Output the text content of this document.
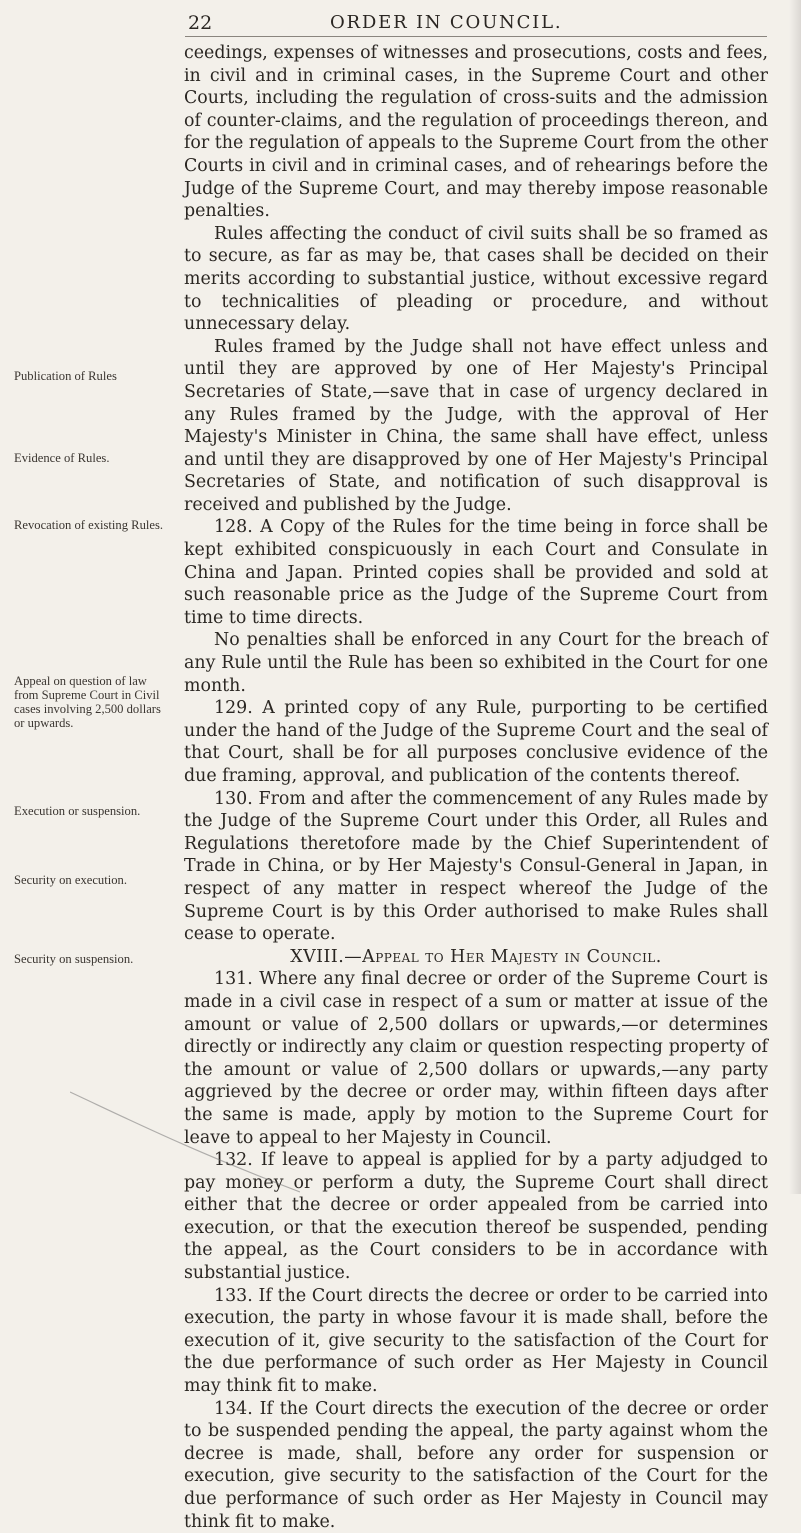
22	ORDER IN COUNCIL.
Publication of Rules
Evidence of Rules.
Revocation of existing Rules.
Appeal on question of law from Supreme Court in Civil cases involving 2,500 dollars or upwards.
Execution or suspension.
Security on execution.
Security on suspension.

ceedings, expenses of witnesses and prosecutions, costs and fees, in civil and in criminal cases, in the Supreme Court and other Courts, including the regulation of cross-suits and the admission of counter-claims, and the regulation of proceedings thereon, and for the regulation of appeals to the Supreme Court from the other Courts in civil and in criminal cases, and of rehearings before the Judge of the Supreme Court, and may thereby impose reasonable penalties.

Rules affecting the conduct of civil suits shall be so framed as to secure, as far as may be, that cases shall be decided on their merits according to substantial justice, without excessive regard to technicalities of pleading or procedure, and without unnecessary delay.

Rules framed by the Judge shall not have effect unless and until they are approved by one of Her Majesty's Principal Secretaries of State,—save that in case of urgency declared in any Rules framed by the Judge, with the approval of Her Majesty's Minister in China, the same shall have effect, unless and until they are disapproved by one of Her Majesty's Principal Secretaries of State, and notification of such disapproval is received and published by the Judge.

128. A Copy of the Rules for the time being in force shall be kept exhibited conspicuously in each Court and Consulate in China and Japan. Printed copies shall be provided and sold at such reasonable price as the Judge of the Supreme Court from time to time directs.

No penalties shall be enforced in any Court for the breach of any Rule until the Rule has been so exhibited in the Court for one month.

129. A printed copy of any Rule, purporting to be certified under the hand of the Judge of the Supreme Court and the seal of that Court, shall be for all purposes conclusive evidence of the due framing, approval, and publication of the contents thereof.

130. From and after the commencement of any Rules made by the Judge of the Supreme Court under this Order, all Rules and Regulations theretofore made by the Chief Superintendent of Trade in China, or by Her Majesty's Consul-General in Japan, in respect of any matter in respect whereof the Judge of the Supreme Court is by this Order authorised to make Rules shall cease to operate.

XVIII.—Appeal to Her Majesty in Council.

131. Where any final decree or order of the Supreme Court is made in a civil case in respect of a sum or matter at issue of the amount or value of 2,500 dollars or upwards,—or determines directly or indirectly any claim or question respecting property of the amount or value of 2,500 dollars or upwards,—any party aggrieved by the decree or order may, within fifteen days after the same is made, apply by motion to the Supreme Court for leave to appeal to her Majesty in Council.

132. If leave to appeal is applied for by a party adjudged to pay money or perform a duty, the Supreme Court shall direct either that the decree or order appealed from be carried into execution, or that the execution thereof be suspended, pending the appeal, as the Court considers to be in accordance with substantial justice.

133. If the Court directs the decree or order to be carried into execution, the party in whose favour it is made shall, before the execution of it, give security to the satisfaction of the Court for the due performance of such order as Her Majesty in Council may think fit to make.

134. If the Court directs the execution of the decree or order to be suspended pending the appeal, the party against whom the decree is made, shall, before any order for suspension or execution, give security to the satisfaction of the Court for the due performance of such order as Her Majesty in Council may think fit to make.
